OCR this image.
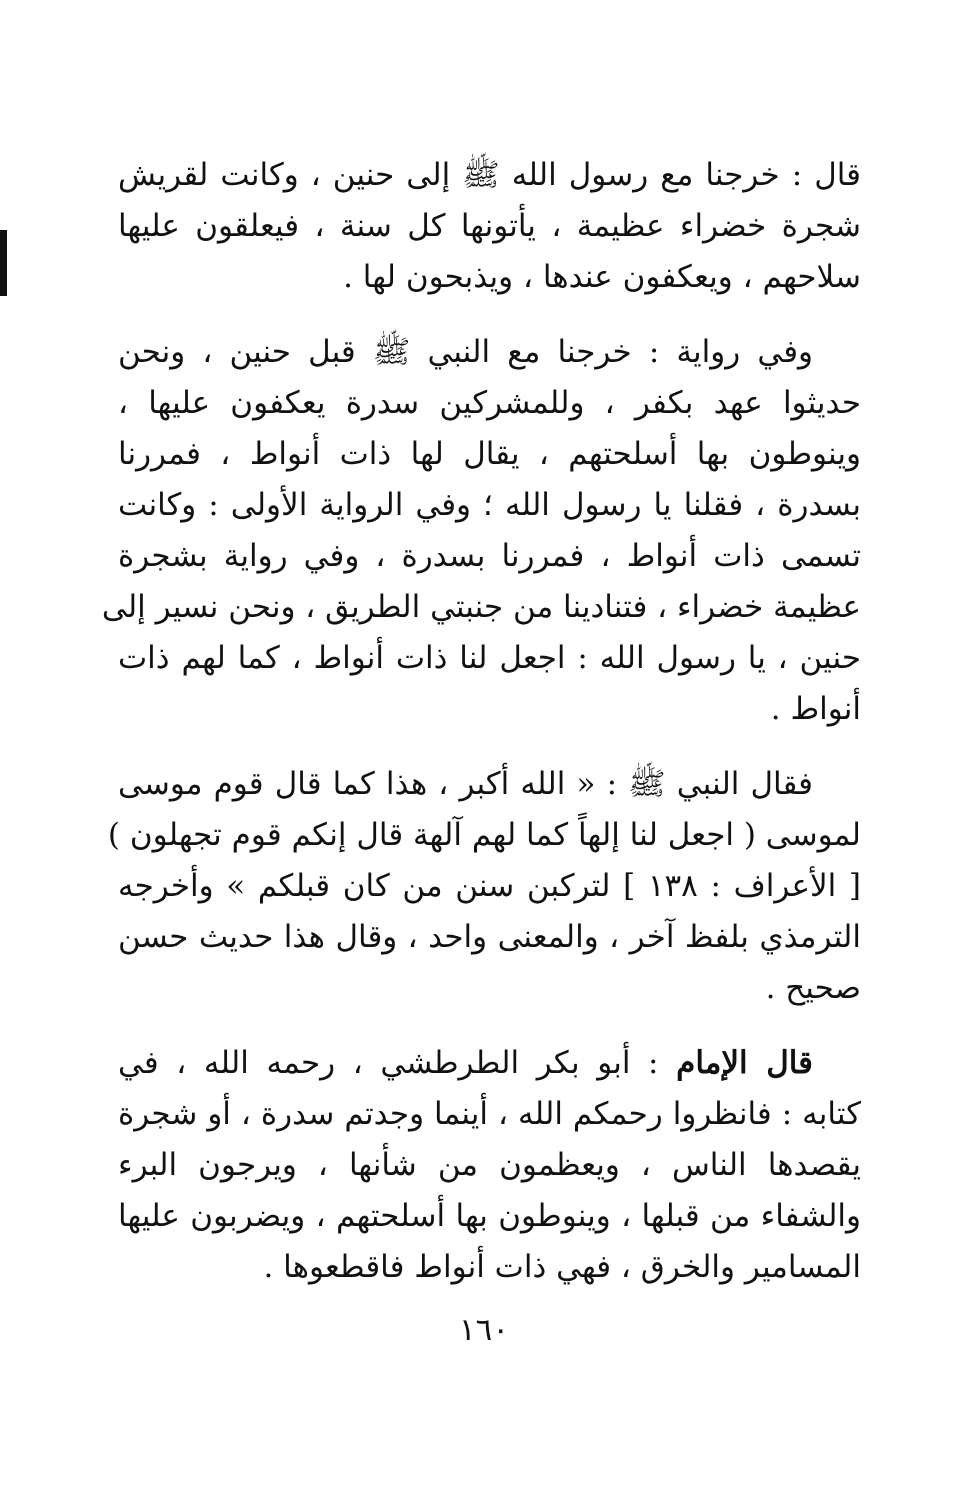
قال : خرجنا مع رسول الله ﷺ إلى حنين ، وكانت لقريش
شجرة خضراء عظيمة ، يأتونها كل سنة ، فيعلقون عليها
سلاحهم ، ويعكفون عندها ، ويذبحون لها .

وفي رواية : خرجنا مع النبي ﷺ قبل حنين ، ونحن
حديثوا عهد بكفر ، وللمشركين سدرة يعكفون عليها ،
وينوطون بها أسلحتهم ، يقال لها ذات أنواط ، فمررنا
بسدرة ، فقلنا يا رسول الله ؛ وفي الرواية الأولى : وكانت
تسمى ذات أنواط ، فمررنا بسدرة ، وفي رواية بشجرة
عظيمة خضراء ، فتنادينا من جنبتي الطريق ، ونحن نسير إلى
حنين ، يا رسول الله : اجعل لنا ذات أنواط ، كما لهم ذات
أنواط .

فقال النبي ﷺ : « الله أكبر ، هذا كما قال قوم موسى
لموسى ( اجعل لنا إلهاً كما لهم آلهة قال إنكم قوم تجهلون )
[ الأعراف : ١٣٨ ] لتركبن سنن من كان قبلكم » وأخرجه
الترمذي بلفظ آخر ، والمعنى واحد ، وقال هذا حديث حسن
صحيح .

قال الإمام : أبو بكر الطرطشي ، رحمه الله ، في
كتابه : فانظروا رحمكم الله ، أينما وجدتم سدرة ، أو شجرة
يقصدها الناس ، ويعظمون من شأنها ، ويرجون البرء
والشفاء من قبلها ، وينوطون بها أسلحتهم ، ويضربون عليها
المسامير والخرق ، فهي ذات أنواط فاقطعوها .

١٦٠
